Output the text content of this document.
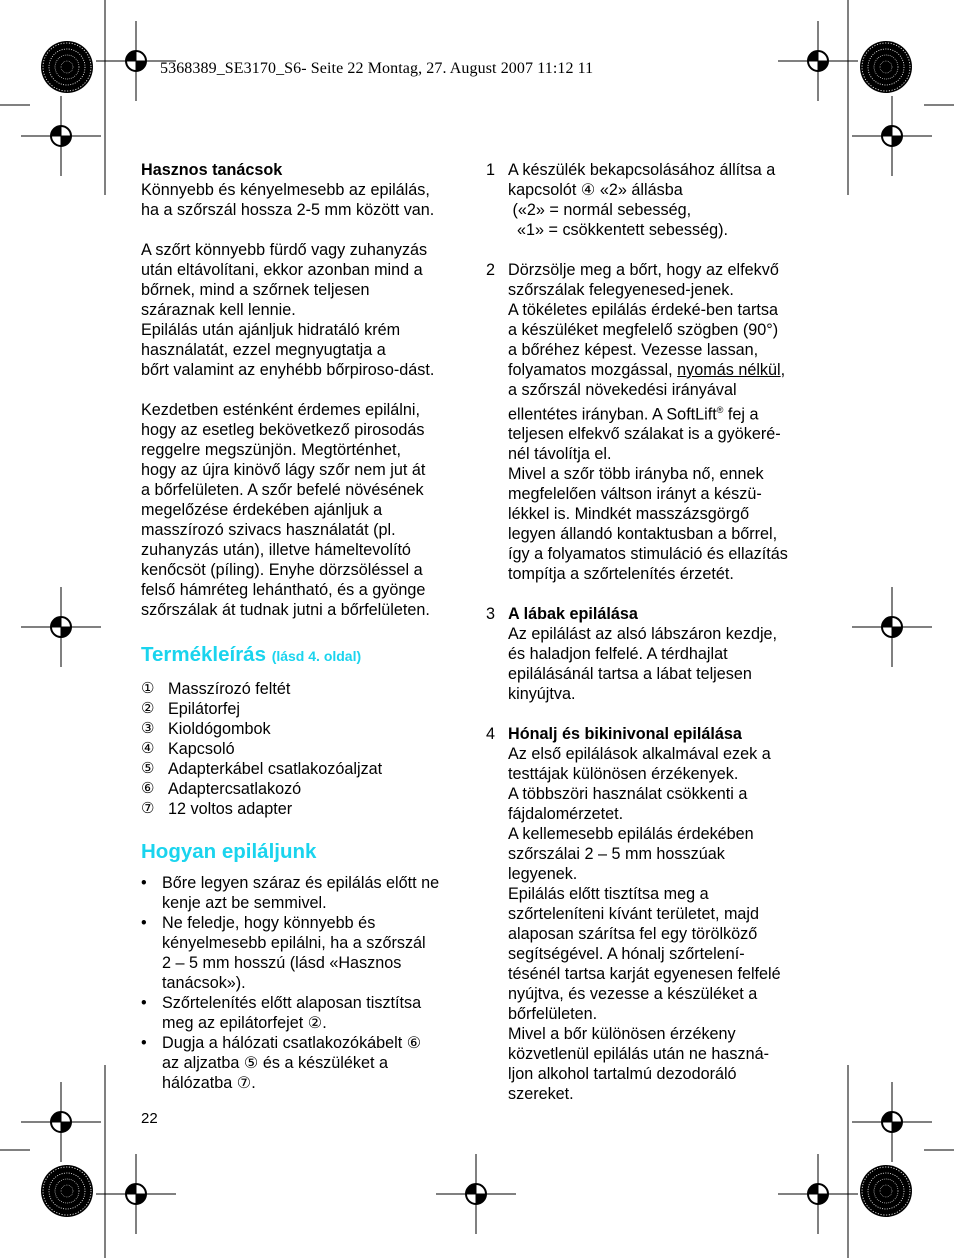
5368389_SE3170_S6- Seite 22 Montag, 27. August 2007 11:12 11

Hasznos tanácsok

Könnyebb és kényelmesebb az epilálás,
ha a szőrszál hossza 2-5 mm között van.

A szőrt könnyebb fürdő vagy zuhanyzás
után eltávolítani, ekkor azonban mind a
bőrnek, mind a szőrnek teljesen
száraznak kell lennie.
Epilálás után ajánljuk hidratáló krém
használatát, ezzel megnyugtatja a
bőrt valamint az enyhébb bőrpiroso-dást.

Kezdetben esténként érdemes epilálni,
hogy az esetleg bekövetkező pirosodás
reggelre megszünjön. Megtörténhet,
hogy az újra kinövő lágy szőr nem jut át
a bőrfelületen. A szőr befelé növésének
megelőzése érdekében ajánljuk a
masszírozó szivacs használatát (pl.
zuhanyzás után), illetve hámeltevolító
kenőcsöt (píling). Enyhe dörzsöléssel a
felső hámréteg lehántható, és a gyönge
szőrszálak át tudnak jutni a bőrfelületen.

Termékleírás (lásd 4. oldal)
① Masszírozó feltét
② Epilátorfej
③ Kioldógombok
④ Kapcsoló
⑤ Adapterkábel csatlakozóaljzat
⑥ Adaptercsatlakozó
⑦ 12 voltos adapter
Hogyan epiláljunk
• Bőre legyen száraz és epilálás előtt ne
kenje azt be semmivel.
• Ne feledje, hogy könnyebb és
kényelmesebb epilálni, ha a szőrszál
2 – 5 mm hosszú (lásd «Hasznos
tanácsok»).
• Szőrtelenítés előtt alaposan tisztítsa
meg az epilátorfejet ②.
• Dugja a hálózati csatlakozókábelt ⑥
az aljzatba ⑤ és a készüléket a
hálózatba ⑦.
22
1 A készülék bekapcsolásához állítsa a
kapcsolót ④ «2» állásba
(«2» = normál sebesség,
«1» = csökkentett sebesség).
2 Dörzsölje meg a bőrt, hogy az elfekvő
szőrszálak felegyenesed-jenek.
A tökéletes epilálás érdeké-ben tartsa
a készüléket megfelelő szögben (90°)
a bőréhez képest. Vezesse lassan,
folyamatos mozgással, nyomás nélkül,
a szőrszál növekedési irányával
ellentétes irányban. A SoftLift® fej a
teljesen elfekvő szálakat is a gyökeré-
nél távolítja el.
Mivel a szőr több irányba nő, ennek
megfelelően váltson irányt a készü-
lékkel is. Mindkét masszázsgörgő
legyen állandó kontaktusban a bőrrel,
így a folyamatos stimuláció és ellazítás
tompítja a szőrtelenítés érzetét.
3 A lábak epilálása
Az epilálást az alsó lábszáron kezdje,
és haladjon felfelé. A térdhajlat
epilálásánál tartsa a lábat teljesen
kinyújtva.
4 Hónalj és bikinivonal epilálása
Az első epilálások alkalmával ezek a
testtájak különösen érzékenyek.
A többszöri használat csökkenti a
fájdalomérzetet.
A kellemesebb epilálás érdekében
szőrszálai 2 – 5 mm hosszúak
legyenek.
Epilálás előtt tisztítsa meg a
szőrteleníteni kívánt területet, majd
alaposan szárítsa fel egy törölköző
segítségével. A hónalj szőrtelení-
tésénél tartsa karját egyenesen felfelé
nyújtva, és vezesse a készüléket a
bőrfelületen.
Mivel a bőr különösen érzékeny
közvetlenül epilálás után ne haszná-
ljon alkohol tartalmú dezodoráló
szereket.
